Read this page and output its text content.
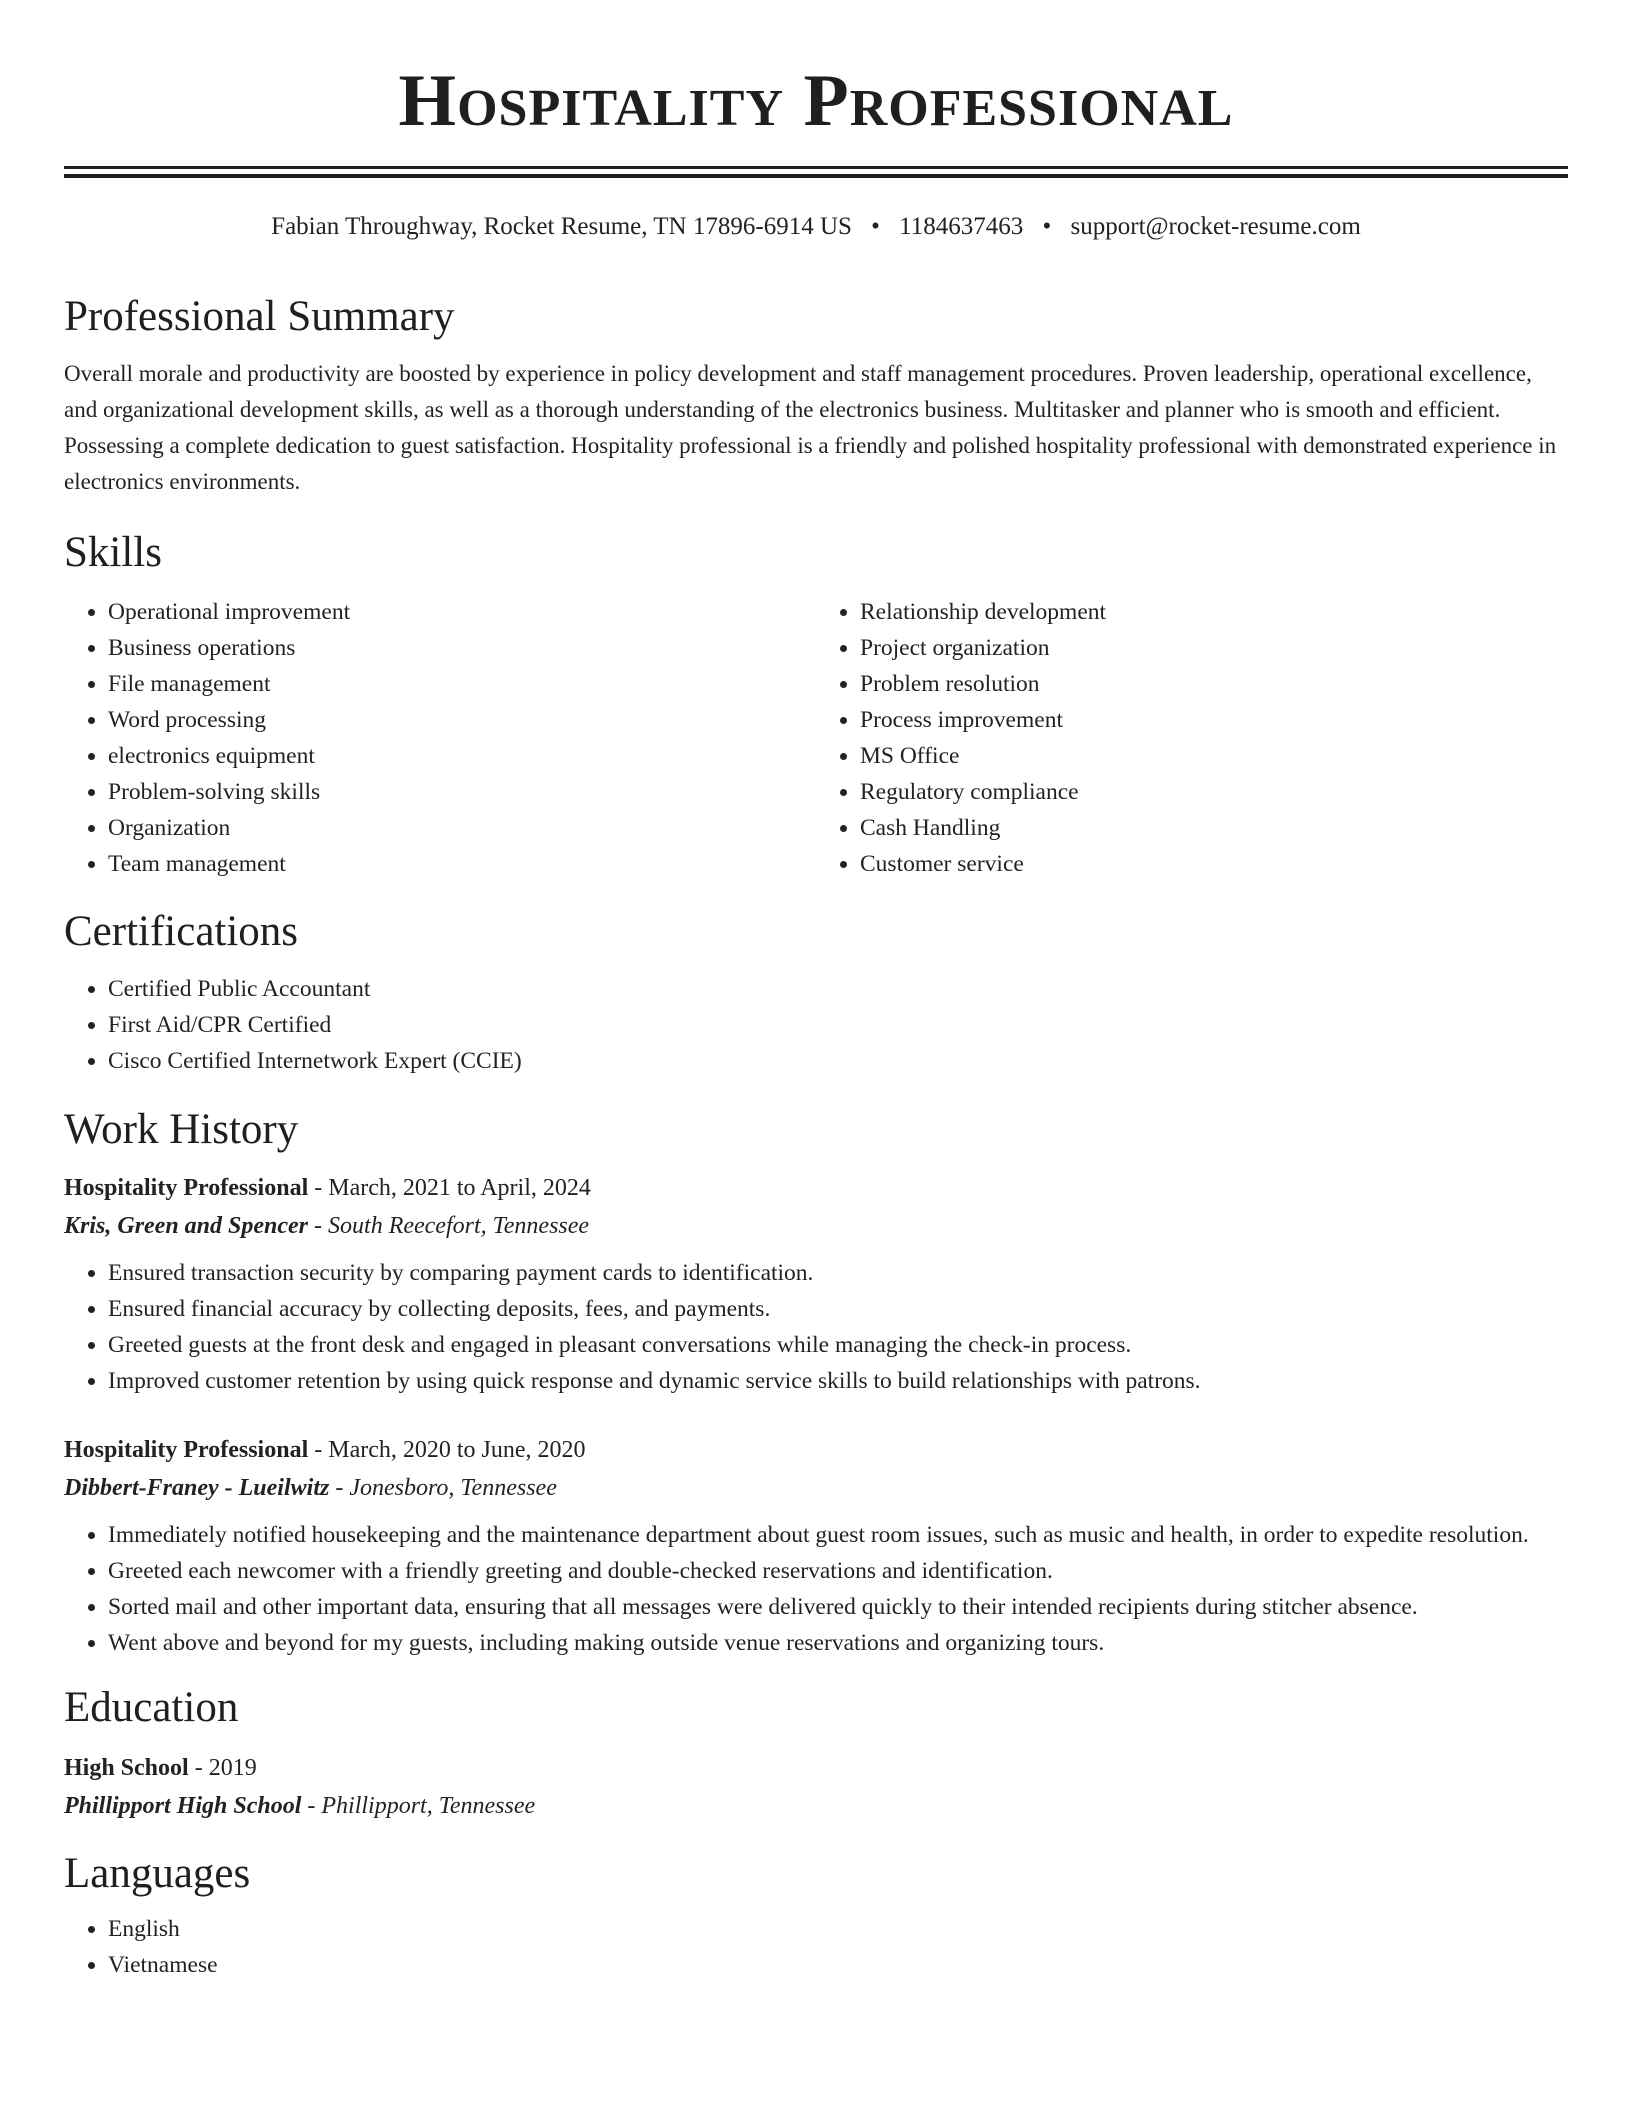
Hospitality Professional
Fabian Throughway, Rocket Resume, TN 17896-6914 US • 1184637463 • support@rocket-resume.com
Professional Summary

Overall morale and productivity are boosted by experience in policy development and staff management procedures. Proven leadership, operational excellence, and organizational development skills, as well as a thorough understanding of the electronics business. Multitasker and planner who is smooth and efficient. Possessing a complete dedication to guest satisfaction. Hospitality professional is a friendly and polished hospitality professional with demonstrated experience in electronics environments.

Skills
• Operational improvement
• Business operations
• File management
• Word processing
• electronics equipment
• Problem-solving skills
• Organization
• Team management
• Relationship development
• Project organization
• Problem resolution
• Process improvement
• MS Office
• Regulatory compliance
• Cash Handling
• Customer service
Certifications
• Certified Public Accountant
• First Aid/CPR Certified
• Cisco Certified Internetwork Expert (CCIE)
Work History
Hospitality Professional - March, 2021 to April, 2024
Kris, Green and Spencer - South Reecefort, Tennessee
• Ensured transaction security by comparing payment cards to identification.
• Ensured financial accuracy by collecting deposits, fees, and payments.
• Greeted guests at the front desk and engaged in pleasant conversations while managing the check-in process.
• Improved customer retention by using quick response and dynamic service skills to build relationships with patrons.
Hospitality Professional - March, 2020 to June, 2020
Dibbert-Franey - Lueilwitz - Jonesboro, Tennessee
• Immediately notified housekeeping and the maintenance department about guest room issues, such as music and health, in order to expedite resolution.
• Greeted each newcomer with a friendly greeting and double-checked reservations and identification.
• Sorted mail and other important data, ensuring that all messages were delivered quickly to their intended recipients during stitcher absence.
• Went above and beyond for my guests, including making outside venue reservations and organizing tours.
Education
High School - 2019
Phillipport High School - Phillipport, Tennessee
Languages
• English
• Vietnamese
